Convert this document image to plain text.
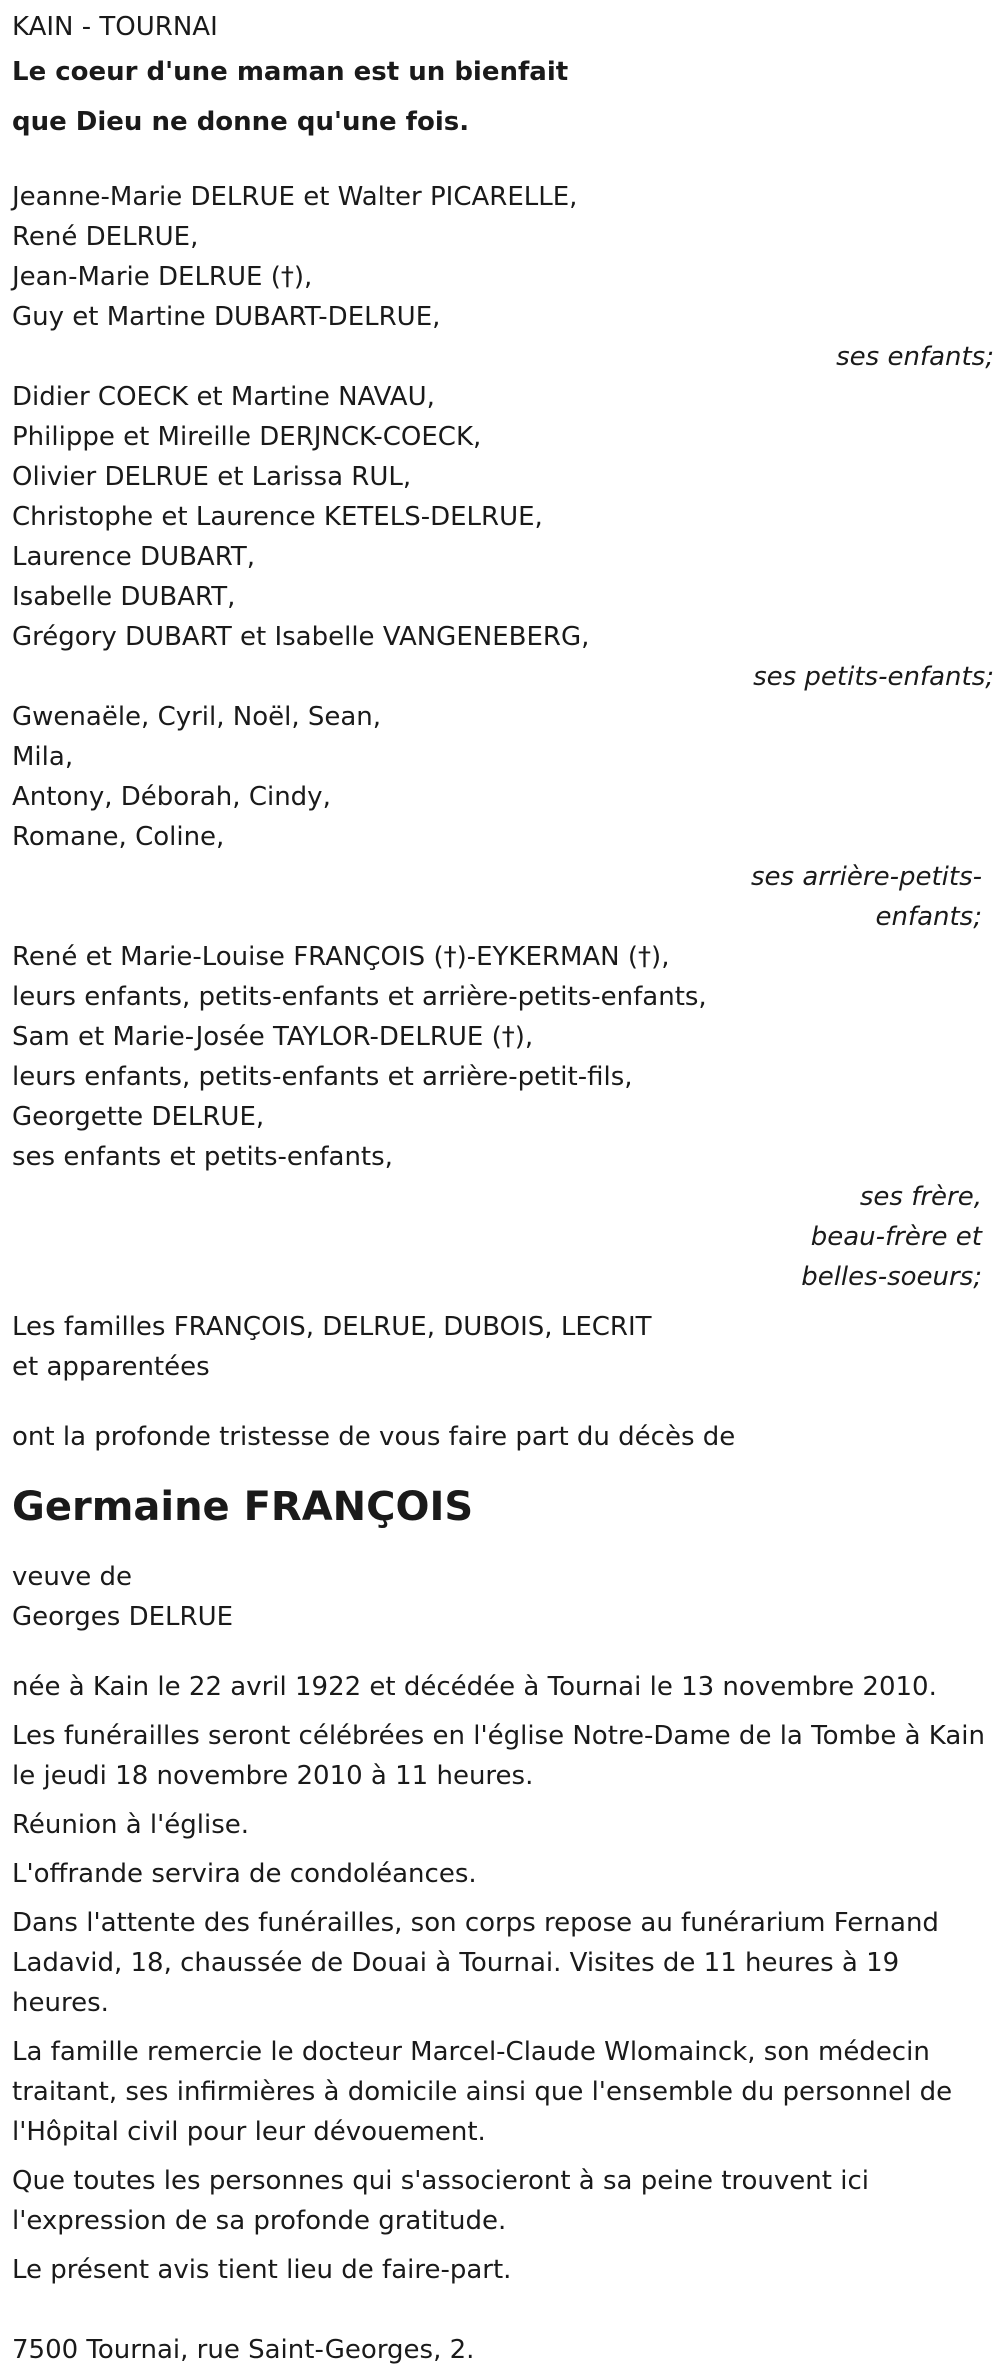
KAIN - TOURNAI
Le coeur d'une maman est un bienfait
que Dieu ne donne qu'une fois.
Jeanne-Marie DELRUE et Walter PICARELLE,
René DELRUE,
Jean-Marie DELRUE (†),
Guy et Martine DUBART-DELRUE,
ses enfants;
Didier COECK et Martine NAVAU,
Philippe et Mireille DERJNCK-COECK,
Olivier DELRUE et Larissa RUL,
Christophe et Laurence KETELS-DELRUE,
Laurence DUBART,
Isabelle DUBART,
Grégory DUBART et Isabelle VANGENEBERG,
ses petits-enfants;
Gwenaële, Cyril, Noël, Sean,
Mila,
Antony, Déborah, Cindy,
Romane, Coline,
ses arrière-petits-
enfants;
René et Marie-Louise FRANÇOIS (†)-EYKERMAN (†),
leurs enfants, petits-enfants et arrière-petits-enfants,
Sam et Marie-Josée TAYLOR-DELRUE (†),
leurs enfants, petits-enfants et arrière-petit-fils,
Georgette DELRUE,
ses enfants et petits-enfants,
ses frère,
beau-frère et
belles-soeurs;
Les familles FRANÇOIS, DELRUE, DUBOIS, LECRIT
et apparentées
ont la profonde tristesse de vous faire part du décès de
Germaine FRANÇOIS
veuve de
Georges DELRUE
née à Kain le 22 avril 1922 et décédée à Tournai le 13 novembre 2010.
Les funérailles seront célébrées en l'église Notre-Dame de la Tombe à Kain le jeudi 18 novembre 2010 à 11 heures.
Réunion à l'église.
L'offrande servira de condoléances.
Dans l'attente des funérailles, son corps repose au funérarium Fernand Ladavid, 18, chaussée de Douai à Tournai. Visites de 11 heures à 19 heures.
La famille remercie le docteur Marcel-Claude Wlomainck, son médecin traitant, ses infirmières à domicile ainsi que l'ensemble du personnel de l'Hôpital civil pour leur dévouement.
Que toutes les personnes qui s'associeront à sa peine trouvent ici l'expression de sa profonde gratitude.
Le présent avis tient lieu de faire-part.
7500 Tournai, rue Saint-Georges, 2.
